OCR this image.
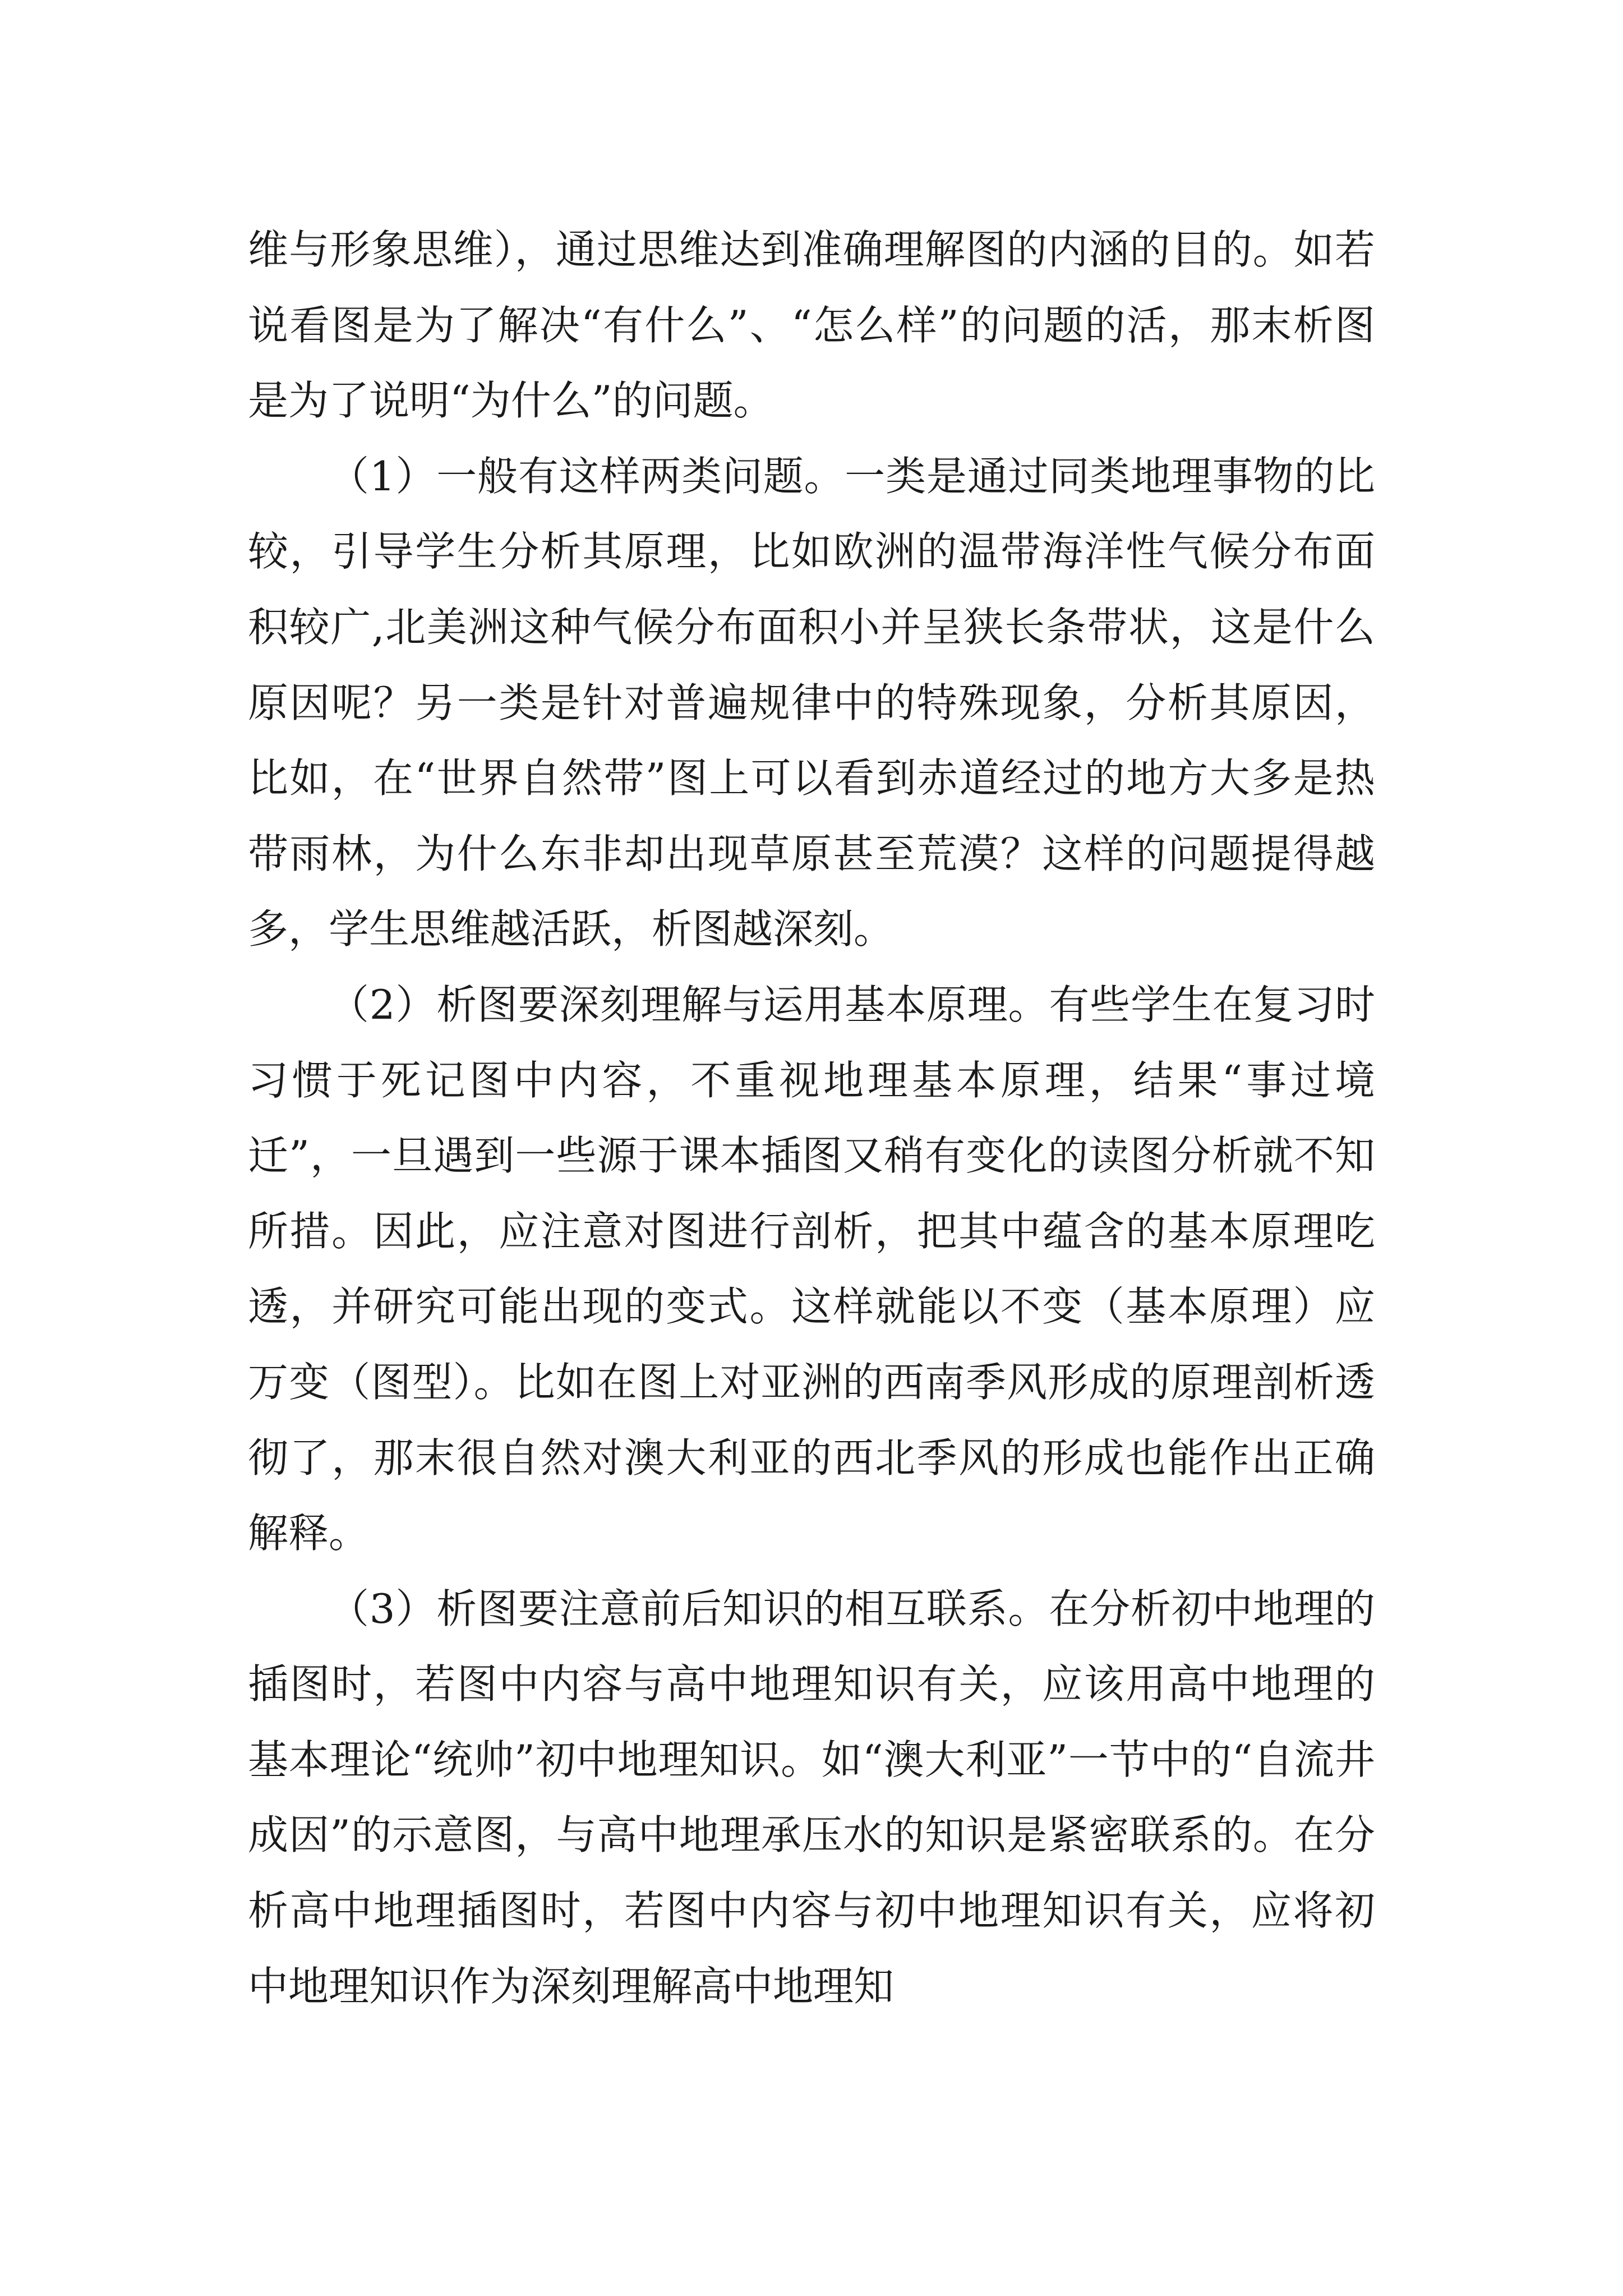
维与形象思维），通过思维达到准确理解图的内涵的目的。如若说看图是为了解决“有什么”、“怎么样”的问题的活，那末析图是为了说明“为什么”的问题。

（1）一般有这样两类问题。一类是通过同类地理事物的比较，引导学生分析其原理，比如欧洲的温带海洋性气候分布面积较广,北美洲这种气候分布面积小并呈狭长条带状，这是什么原因呢？另一类是针对普遍规律中的特殊现象，分析其原因，比如，在“世界自然带”图上可以看到赤道经过的地方大多是热带雨林，为什么东非却出现草原甚至荒漠？这样的问题提得越多，学生思维越活跃，析图越深刻。

（2）析图要深刻理解与运用基本原理。有些学生在复习时习惯于死记图中内容，不重视地理基本原理，结果“事过境迁”，一旦遇到一些源于课本插图又稍有变化的读图分析就不知所措。因此，应注意对图进行剖析，把其中蕴含的基本原理吃透，并研究可能出现的变式。这样就能以不变（基本原理）应万变（图型）。比如在图上对亚洲的西南季风形成的原理剖析透彻了，那末很自然对澳大利亚的西北季风的形成也能作出正确解释。

（3）析图要注意前后知识的相互联系。在分析初中地理的插图时，若图中内容与高中地理知识有关，应该用高中地理的基本理论“统帅”初中地理知识。如“澳大利亚”一节中的“自流井成因”的示意图，与高中地理承压水的知识是紧密联系的。在分析高中地理插图时，若图中内容与初中地理知识有关，应将初中地理知识作为深刻理解高中地理知
